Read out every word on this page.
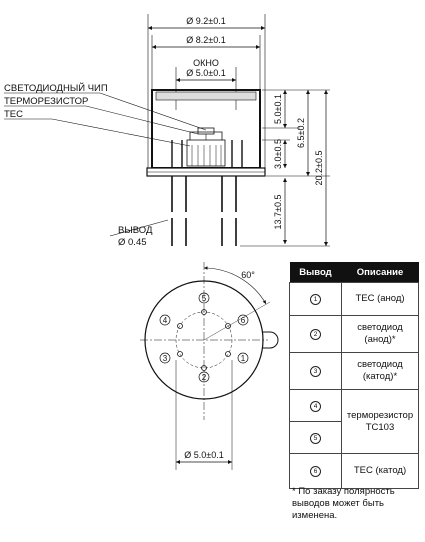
Ø 9.2±0.1
Ø 8.2±0.1
ОКНО
Ø 5.0±0.1
5.0±0.1
3.0±0.5
6.5±0.2
20.2±0.5
13.7±0.5
СВЕТОДИОДНЫЙ ЧИП
ТЕРМОРЕЗИСТОР
TEC
ВЫВОД
Ø 0.45
5
2
4	6
3	1
60°
Ø 5.0±0.1
Вывод	Описание
1	TEC (анод)
2	светодиод (анод)*
3	светодиод (катод)*
4	терморезистор ТС103
5	
6	TEC (катод)
* По заказу полярность выводов может быть изменена.
